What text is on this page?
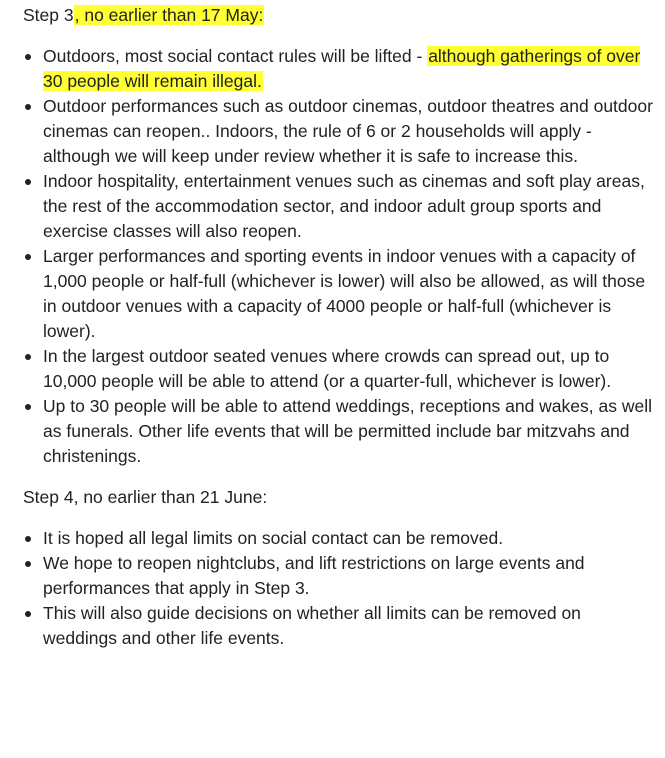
Step 3, no earlier than 17 May:

Outdoors, most social contact rules will be lifted - although gatherings of over 30 people will remain illegal.
Outdoor performances such as outdoor cinemas, outdoor theatres and outdoor cinemas can reopen.. Indoors, the rule of 6 or 2 households will apply - although we will keep under review whether it is safe to increase this.
Indoor hospitality, entertainment venues such as cinemas and soft play areas, the rest of the accommodation sector, and indoor adult group sports and exercise classes will also reopen.
Larger performances and sporting events in indoor venues with a capacity of 1,000 people or half-full (whichever is lower) will also be allowed, as will those in outdoor venues with a capacity of 4000 people or half-full (whichever is lower).
In the largest outdoor seated venues where crowds can spread out, up to 10,000 people will be able to attend (or a quarter-full, whichever is lower).
Up to 30 people will be able to attend weddings, receptions and wakes, as well as funerals. Other life events that will be permitted include bar mitzvahs and christenings.

Step 4, no earlier than 21 June:

It is hoped all legal limits on social contact can be removed.
We hope to reopen nightclubs, and lift restrictions on large events and performances that apply in Step 3.
This will also guide decisions on whether all limits can be removed on weddings and other life events.
